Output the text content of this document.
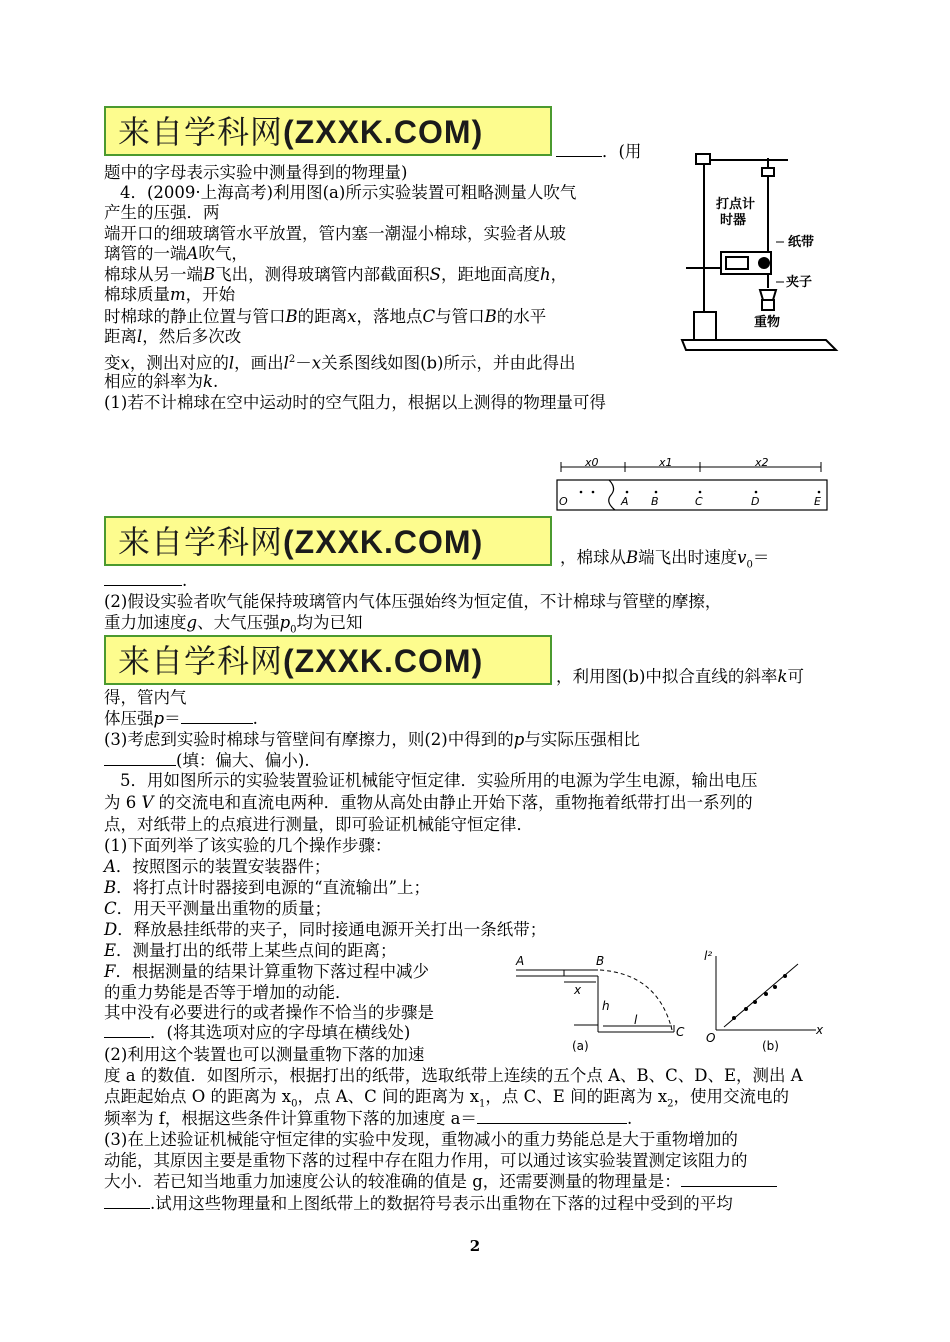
来自学科网(ZXXK.COM)
．(用
题中的字母表示实验中测量得到的物理量)
4．(2009·上海高考)利用图(a)所示实验装置可粗略测量人吹气
产生的压强．两
端开口的细玻璃管水平放置，管内塞一潮湿小棉球，实验者从玻
璃管的一端A吹气，
棉球从另一端B飞出，测得玻璃管内部截面积S，距地面高度h，
棉球质量m，开始
时棉球的静止位置与管口B的距离x，落地点C与管口B的水平
距离l，然后多次改
变x，测出对应的l，画出$l^2-x$关系图线如图(b)所示，并由此得出
相应的斜率为k.
(1)若不计棉球在空中运动时的空气阻力，根据以上测得的物理量可得
打点计
时器
纸带
夹子
重物
x0	x1	x2
O	A B	C	D	E
来自学科网(ZXXK.COM)	，棉球从B端飞出时速度$v_0=$
.
(2)假设实验者吹气能保持玻璃管内气体压强始终为恒定值，不计棉球与管壁的摩擦，
重力加速度g、大气压强$p_0$均为已知
来自学科网(ZXXK.COM)	，利用图(b)中拟合直线的斜率k可
得，管内气
体压强p＝	.
(3)考虑到实验时棉球与管壁间有摩擦力，则(2)中得到的p与实际压强相比
(填：偏大、偏小).
5．用如图所示的实验装置验证机械能守恒定律．实验所用的电源为学生电源，输出电压
为 6 V 的交流电和直流电两种．重物从高处由静止开始下落，重物拖着纸带打出一系列的
点，对纸带上的点痕进行测量，即可验证机械能守恒定律．
(1)下面列举了该实验的几个操作步骤：
A．按照图示的装置安装器件；
B．将打点计时器接到电源的“直流输出”上；
C．用天平测量出重物的质量；
D．释放悬挂纸带的夹子，同时接通电源开关打出一条纸带；
E．测量打出的纸带上某些点间的距离；
F．根据测量的结果计算重物下落过程中减少
的重力势能是否等于增加的动能．
其中没有必要进行的或者操作不恰当的步骤是
．(将其选项对应的字母填在横线处)
(2)利用这个装置也可以测量重物下落的加速
A	B
x
h
l
C
l²
O
x
(a)	(b)
度 a 的数值．如图所示，根据打出的纸带，选取纸带上连续的五个点 A、B、C、D、E，测出 A
点距起始点 O 的距离为 $x_0$，点 A、C 间的距离为 $x_1$，点 C、E 间的距离为 $x_2$，使用交流电的
频率为 f，根据这些条件计算重物下落的加速度 a＝	.
(3)在上述验证机械能守恒定律的实验中发现，重物减小的重力势能总是大于重物增加的
动能，其原因主要是重物下落的过程中存在阻力作用，可以通过该实验装置测定该阻力的
大小．若已知当地重力加速度公认的较准确的值是 g，还需要测量的物理量是：
.试用这些物理量和上图纸带上的数据符号表示出重物在下落的过程中受到的平均
2
